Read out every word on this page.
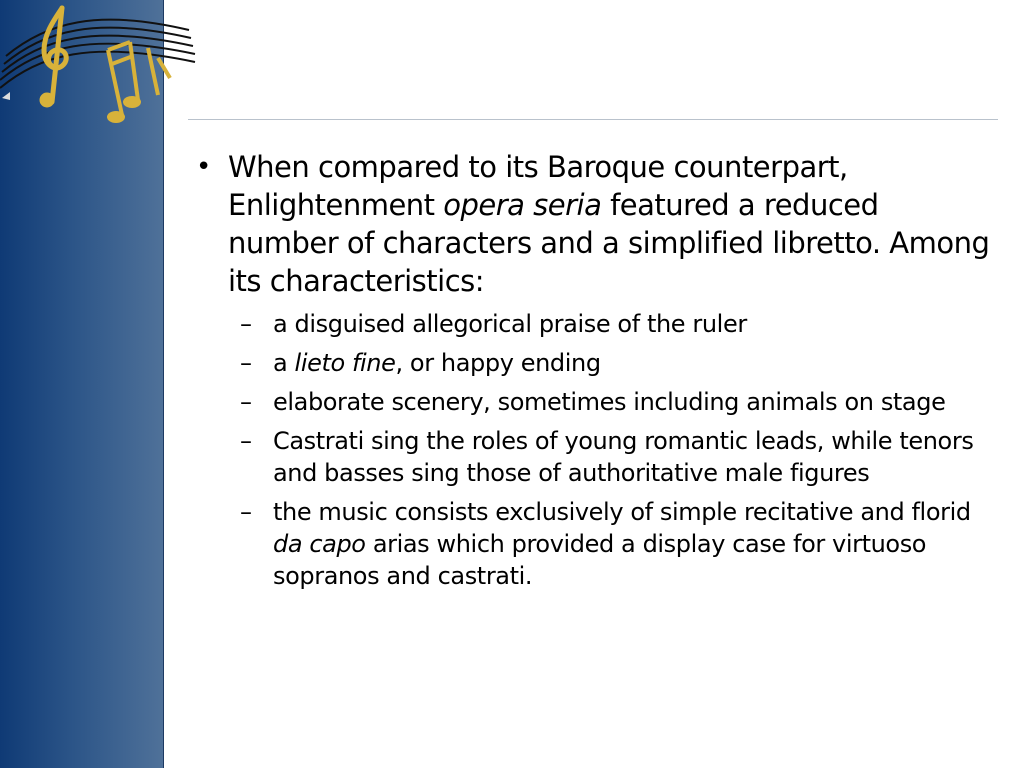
• When compared to its Baroque counterpart, Enlightenment opera seria featured a reduced number of characters and a simplified libretto. Among its characteristics:
– a disguised allegorical praise of the ruler
– a lieto fine, or happy ending
– elaborate scenery, sometimes including animals on stage
– Castrati sing the roles of young romantic leads, while tenors and basses sing those of authoritative male figures
– the music consists exclusively of simple recitative and florid da capo arias which provided a display case for virtuoso sopranos and castrati.
